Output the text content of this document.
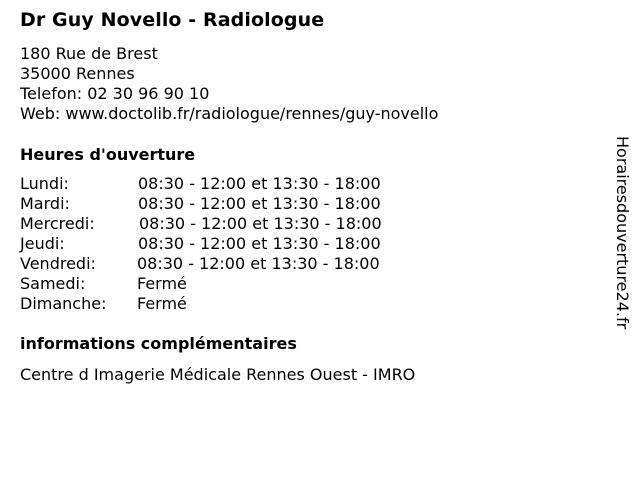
Dr Guy Novello - Radiologue
180 Rue de Brest
35000 Rennes
Telefon: 02 30 96 90 10
Web: www.doctolib.fr/radiologue/rennes/guy-novello
Heures d'ouverture
Lundi:	08:30 - 12:00 et 13:30 - 18:00
Mardi:	08:30 - 12:00 et 13:30 - 18:00
Mercredi:	08:30 - 12:00 et 13:30 - 18:00
Jeudi:	08:30 - 12:00 et 13:30 - 18:00
Vendredi:	08:30 - 12:00 et 13:30 - 18:00
Samedi:	Fermé
Dimanche: Fermé
informations complémentaires
Centre d Imagerie Médicale Rennes Ouest - IMRO
Horairesdouverture24.fr
